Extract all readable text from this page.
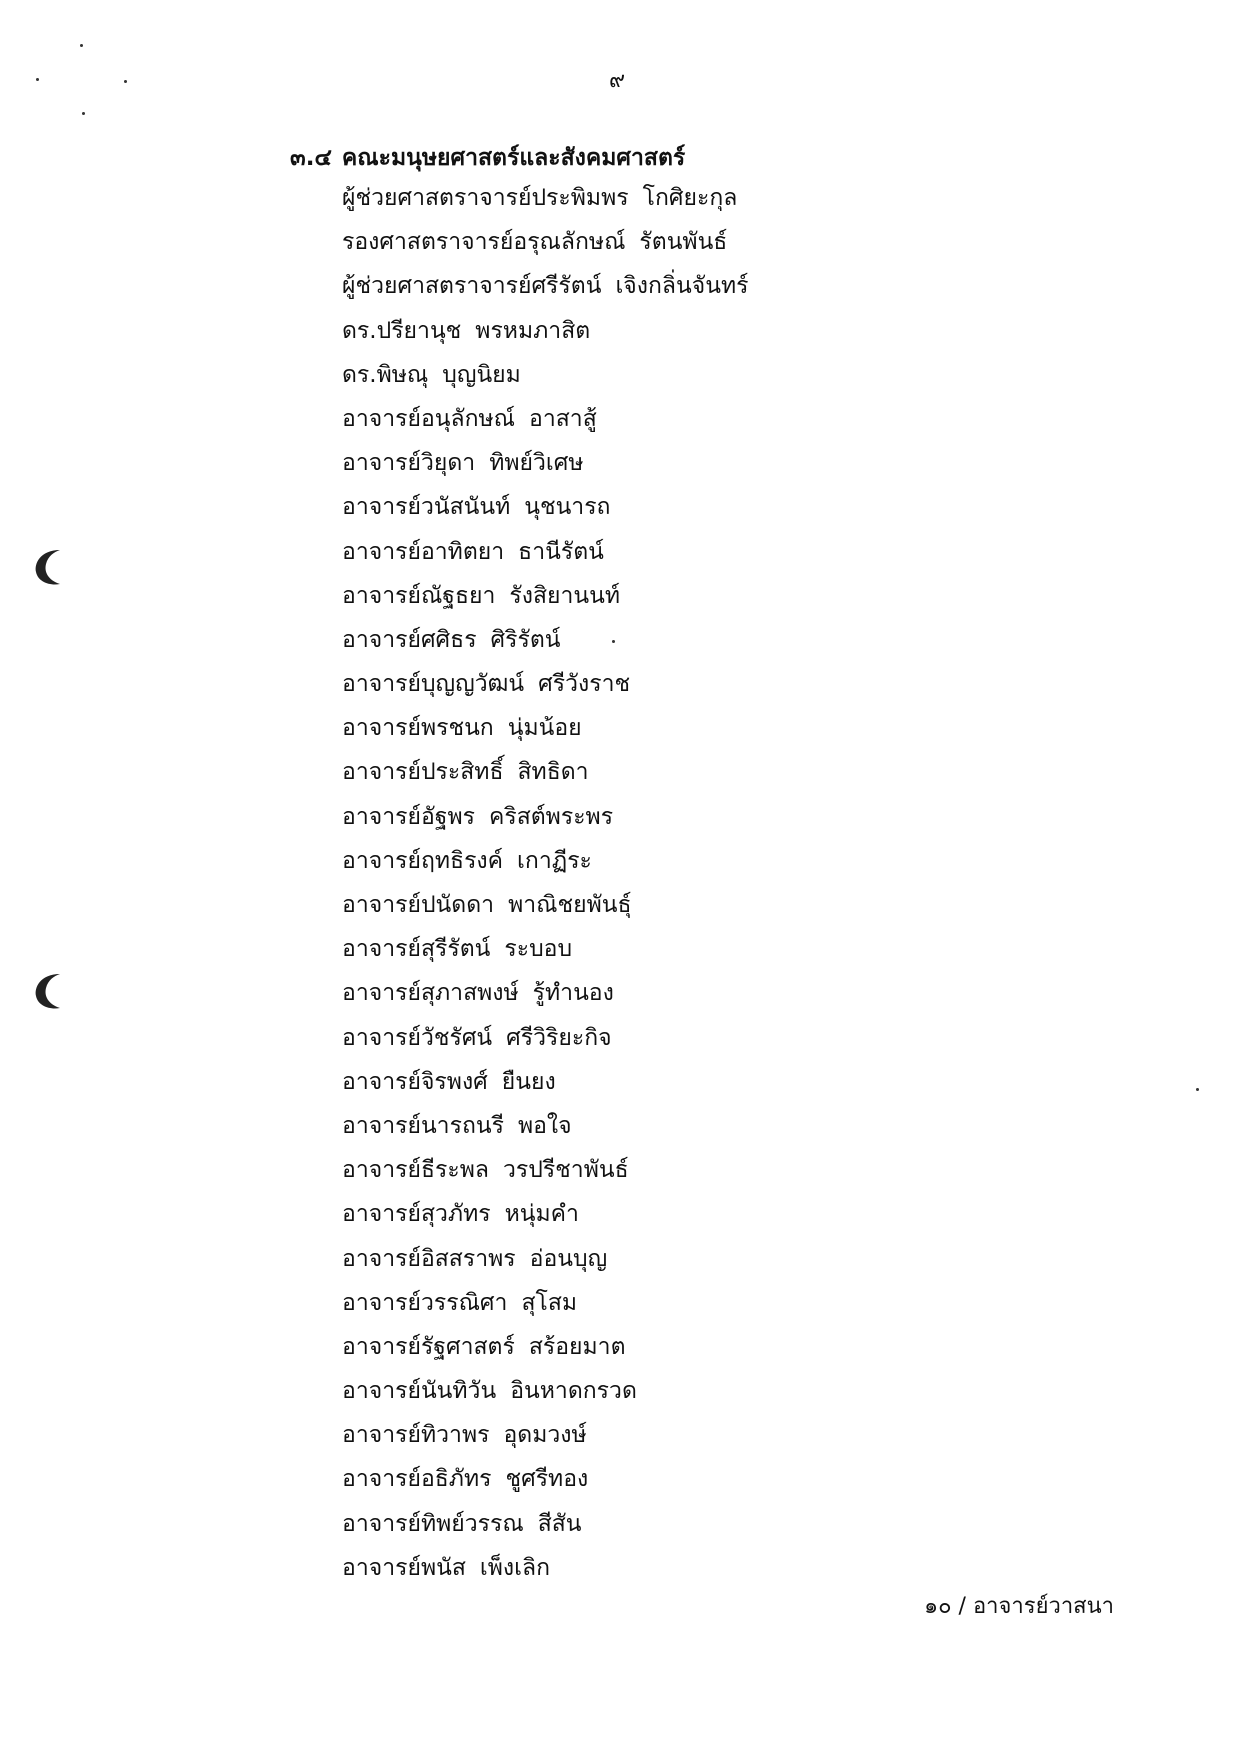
๙
๓.๔ คณะมนุษยศาสตร์และสังคมศาสตร์
ผู้ช่วยศาสตราจารย์ประพิมพร โกศิยะกุล
รองศาสตราจารย์อรุณลักษณ์ รัตนพันธ์
ผู้ช่วยศาสตราจารย์ศรีรัตน์ เจิงกลิ่นจันทร์
ดร.ปรียานุช พรหมภาสิต
ดร.พิษณุ บุญนิยม
อาจารย์อนุลักษณ์ อาสาสู้
อาจารย์วิยุดา ทิพย์วิเศษ
อาจารย์วนัสนันท์ นุชนารถ
อาจารย์อาทิตยา ธานีรัตน์
อาจารย์ณัฐธยา รังสิยานนท์
อาจารย์ศศิธร ศิริรัตน์
อาจารย์บุญญวัฒน์ ศรีวังราช
อาจารย์พรชนก นุ่มน้อย
อาจารย์ประสิทธิ์ สิทธิดา
อาจารย์อัฐพร คริสต์พระพร
อาจารย์ฤทธิรงค์ เกาฏีระ
อาจารย์ปนัดดา พาณิชยพันธุ์
อาจารย์สุรีรัตน์ ระบอบ
อาจารย์สุภาสพงษ์ รู้ทำนอง
อาจารย์วัชรัศน์ ศรีวิริยะกิจ
อาจารย์จิรพงศ์ ยืนยง
อาจารย์นารถนรี พอใจ
อาจารย์ธีระพล วรปรีชาพันธ์
อาจารย์สุวภัทร หนุ่มคำ
อาจารย์อิสสราพร อ่อนบุญ
อาจารย์วรรณิศา สุโสม
อาจารย์รัฐศาสตร์ สร้อยมาต
อาจารย์นันทิวัน อินหาดกรวด
อาจารย์ทิวาพร อุดมวงษ์
อาจารย์อธิภัทร ชูศรีทอง
อาจารย์ทิพย์วรรณ สีสัน
อาจารย์พนัส เพ็งเลิก
๑๐ / อาจารย์วาสนา
